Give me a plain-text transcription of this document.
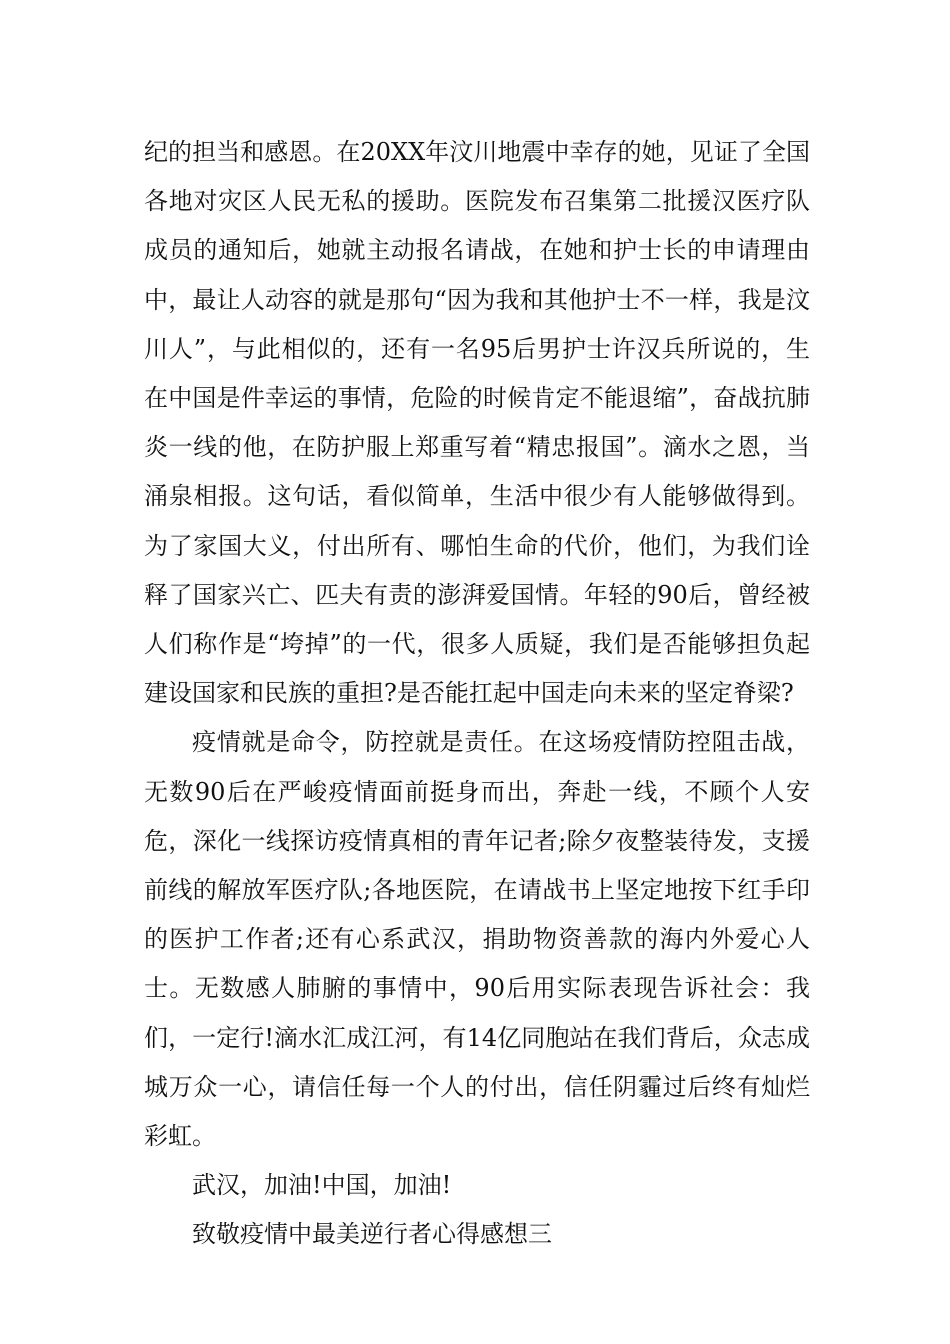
纪的担当和感恩。在20XX年汶川地震中幸存的她，见证了全国各地对灾区人民无私的援助。医院发布召集第二批援汉医疗队成员的通知后，她就主动报名请战，在她和护士长的申请理由中，最让人动容的就是那句“因为我和其他护士不一样，我是汶川人”，与此相似的，还有一名95后男护士许汉兵所说的，生在中国是件幸运的事情，危险的时候肯定不能退缩”，奋战抗肺炎一线的他，在防护服上郑重写着“精忠报国”。滴水之恩，当涌泉相报。这句话，看似简单，生活中很少有人能够做得到。为了家国大义，付出所有、哪怕生命的代价，他们，为我们诠释了国家兴亡、匹夫有责的澎湃爱国情。年轻的90后，曾经被人们称作是“垮掉”的一代，很多人质疑，我们是否能够担负起建设国家和民族的重担?是否能扛起中国走向未来的坚定脊梁?

疫情就是命令，防控就是责任。在这场疫情防控阻击战，无数90后在严峻疫情面前挺身而出，奔赴一线，不顾个人安危，深化一线探访疫情真相的青年记者;除夕夜整装待发，支援前线的解放军医疗队;各地医院，在请战书上坚定地按下红手印的医护工作者;还有心系武汉，捐助物资善款的海内外爱心人士。无数感人肺腑的事情中，90后用实际表现告诉社会：我们，一定行!滴水汇成江河，有14亿同胞站在我们背后，众志成城万众一心，请信任每一个人的付出，信任阴霾过后终有灿烂彩虹。

武汉，加油!中国，加油!

致敬疫情中最美逆行者心得感想三
